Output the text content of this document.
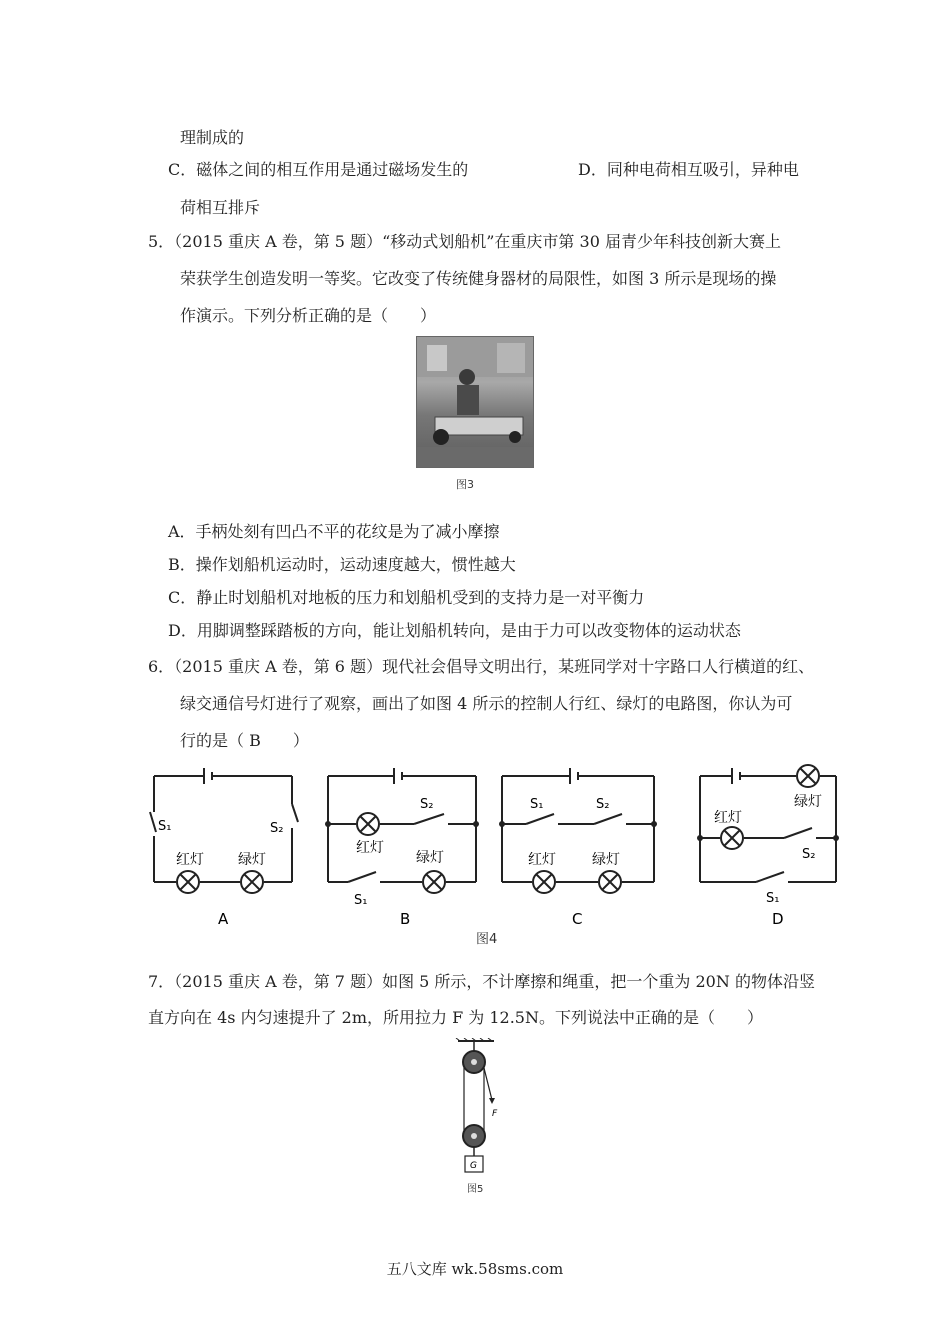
理制成的
C．磁体之间的相互作用是通过磁场发生的	D．同种电荷相互吸引，异种电
荷相互排斥
5．（2015 重庆 A 卷，第 5 题）“移动式划船机”在重庆市第 30 届青少年科技创新大赛上
荣获学生创造发明一等奖。它改变了传统健身器材的局限性，如图 3 所示是现场的操
作演示。下列分析正确的是（　　）
图3
A．手柄处刻有凹凸不平的花纹是为了减小摩擦
B．操作划船机运动时，运动速度越大，惯性越大
C．静止时划船机对地板的压力和划船机受到的支持力是一对平衡力
D．用脚调整踩踏板的方向，能让划船机转向，是由于力可以改变物体的运动状态
6．（2015 重庆 A 卷，第 6 题）现代社会倡导文明出行，某班同学对十字路口人行横道的红、
绿交通信号灯进行了观察，画出了如图 4 所示的控制人行红、绿灯的电路图，你认为可
行的是（ B　　）
S₁	S₂
红灯 绿灯
A
S₂
红灯
绿灯
S₁
B
S₁	S₂
红灯	绿灯
C
绿灯
红灯
S₂
S₁
D
图4
7．（2015 重庆 A 卷，第 7 题）如图 5 所示，不计摩擦和绳重，把一个重为 20N 的物体沿竖
直方向在 4s 内匀速提升了 2m，所用拉力 F 为 12.5N。下列说法中正确的是（　　）
F
G
图5
五八文库 wk.58sms.com
